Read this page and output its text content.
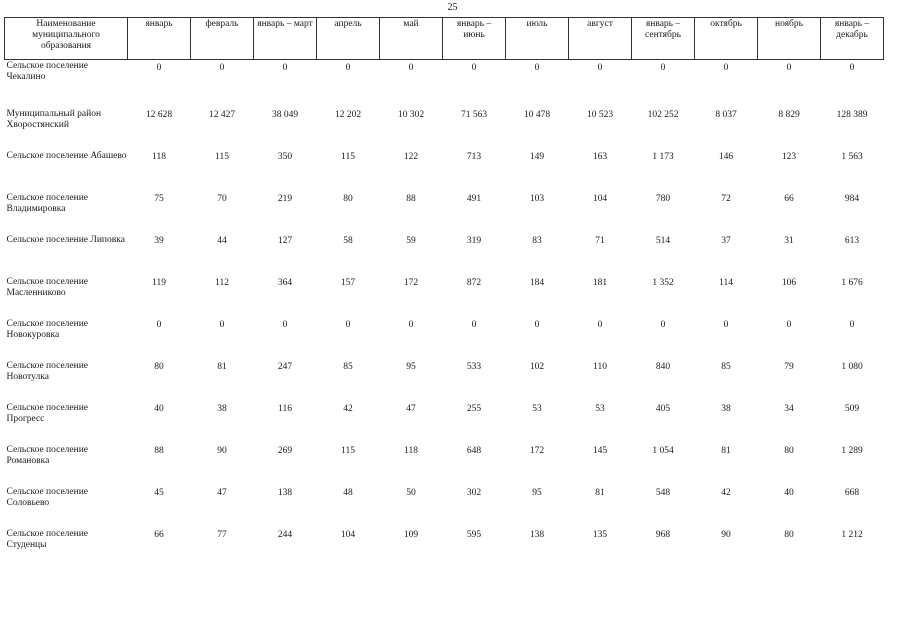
25
Наименование муниципального образования	январь	февраль	январь – март	апрель	май	январь – июнь	июль	август	январь – сентябрь	октябрь	ноябрь	январь – декабрь
Сельское поселение Чекалино	0	0	0	0	0	0	0	0	0	0	0	0
Муниципальный район Хворостянский	12 628	12 427	38 049	12 202	10 302	71 563	10 478	10 523	102 252	8 037	8 829	128 389
Сельское поселение Абашево	118	115	350	115	122	713	149	163	1 173	146	123	1 563
Сельское поселение Владимировка	75	70	219	80	88	491	103	104	780	72	66	984
Сельское поселение Липовка	39	44	127	58	59	319	83	71	514	37	31	613
Сельское поселение Масленниково	119	112	364	157	172	872	184	181	1 352	114	106	1 676
Сельское поселение Новокуровка	0	0	0	0	0	0	0	0	0	0	0	0
Сельское поселение Новотулка	80	81	247	85	95	533	102	110	840	85	79	1 080
Сельское поселение Прогресс	40	38	116	42	47	255	53	53	405	38	34	509
Сельское поселение Романовка	88	90	269	115	118	648	172	145	1 054	81	80	1 289
Сельское поселение Соловьево	45	47	138	48	50	302	95	81	548	42	40	668
Сельское поселение Студенцы	66	77	244	104	109	595	138	135	968	90	80	1 212
